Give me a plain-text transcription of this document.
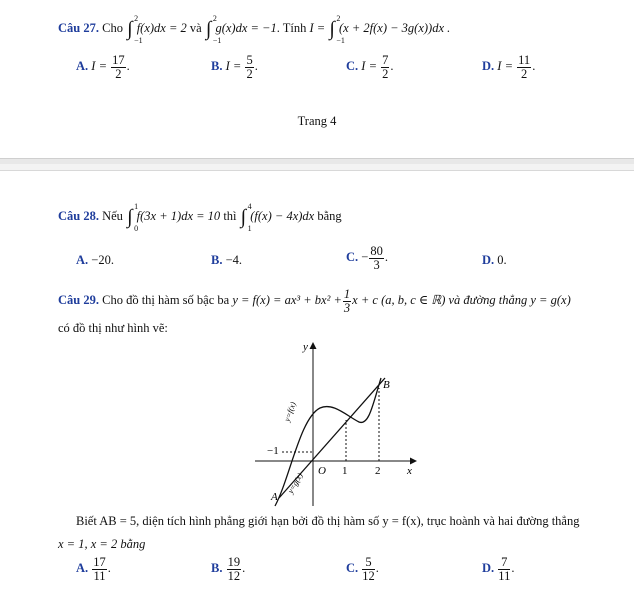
Câu 27. Cho ∫ 2
−1
f(x)dx = 2 và ∫ 2
−1
g(x)dx = −1. Tính I = ∫ 2
−1
(x + 2f(x) − 3g(x))dx .
A. $I = \frac{17}{2}$ .	B. $I = \frac{5}{2}$ .	C. $I = \frac{7}{2}$ .	D. $I = \frac{11}{2}$ .
Trang 4
Câu 28. Nếu ∫ 1
0
f(3x + 1)dx = 10 thì ∫ 4
1
(f(x) − 4x)dx bằng
A. −20.	B. −4.	C. − $\frac{80}{3}$ .	D. 0.
Câu 29. Cho đồ thị hàm số bậc ba $y = f(x) = ax^3 + bx^2 + \frac{1}{3}$ x + c (a, b, c ∈ ℝ) và đường thẳng y = g(x)
có đồ thị như hình vẽ:
y
x
O 1	2
−1
A
B
y=f(x)
y=g(x)
Biết AB = 5, diện tích hình phẳng giới hạn bởi đồ thị hàm số y = f(x), trục hoành và hai đường thẳng
x = 1, x = 2 bằng
A. $\frac{17}{11}$ .	B. $\frac{19}{12}$ .	C. $\frac{5}{12}$ .	D. $\frac{7}{11}$ .
